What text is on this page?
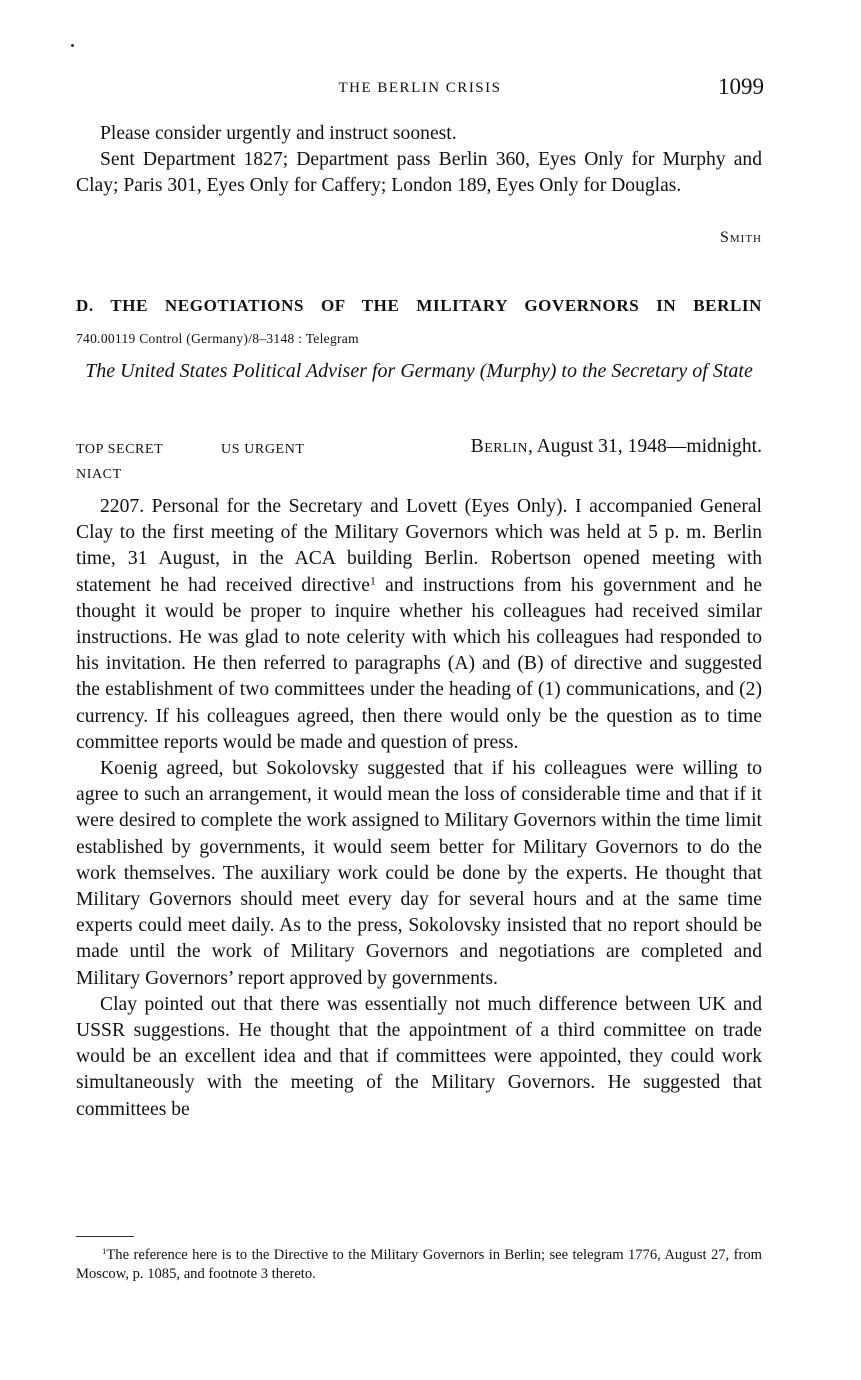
THE BERLIN CRISIS	1099

Please consider urgently and instruct soonest.

Sent Department 1827; Department pass Berlin 360, Eyes Only for Murphy and Clay; Paris 301, Eyes Only for Caffery; London 189, Eyes Only for Douglas.

Smith
D. THE NEGOTIATIONS OF THE MILITARY GOVERNORS IN BERLIN
740.00119 Control (Germany)/8–3148 : Telegram
The United States Political Adviser for Germany (Murphy) to the Secretary of State
TOP SECRET	US URGENT	Berlin, August 31, 1948—midnight.
NIACT

2207. Personal for the Secretary and Lovett (Eyes Only). I accompanied General Clay to the first meeting of the Military Governors which was held at 5 p. m. Berlin time, 31 August, in the ACA building Berlin. Robertson opened meeting with statement he had received directive$^1$ and instructions from his government and he thought it would be proper to inquire whether his colleagues had received similar instructions. He was glad to note celerity with which his colleagues had responded to his invitation. He then referred to paragraphs (A) and (B) of directive and suggested the establishment of two committees under the heading of (1) communications, and (2) currency. If his colleagues agreed, then there would only be the question as to time committee reports would be made and question of press.

Koenig agreed, but Sokolovsky suggested that if his colleagues were willing to agree to such an arrangement, it would mean the loss of considerable time and that if it were desired to complete the work assigned to Military Governors within the time limit established by governments, it would seem better for Military Governors to do the work themselves. The auxiliary work could be done by the experts. He thought that Military Governors should meet every day for several hours and at the same time experts could meet daily. As to the press, Sokolovsky insisted that no report should be made until the work of Military Governors and negotiations are completed and Military Governors’ report approved by governments.

Clay pointed out that there was essentially not much difference between UK and USSR suggestions. He thought that the appointment of a third committee on trade would be an excellent idea and that if committees were appointed, they could work simultaneously with the meeting of the Military Governors. He suggested that committees be

$^1$The reference here is to the Directive to the Military Governors in Berlin; see telegram 1776, August 27, from Moscow, p. 1085, and footnote 3 thereto.
